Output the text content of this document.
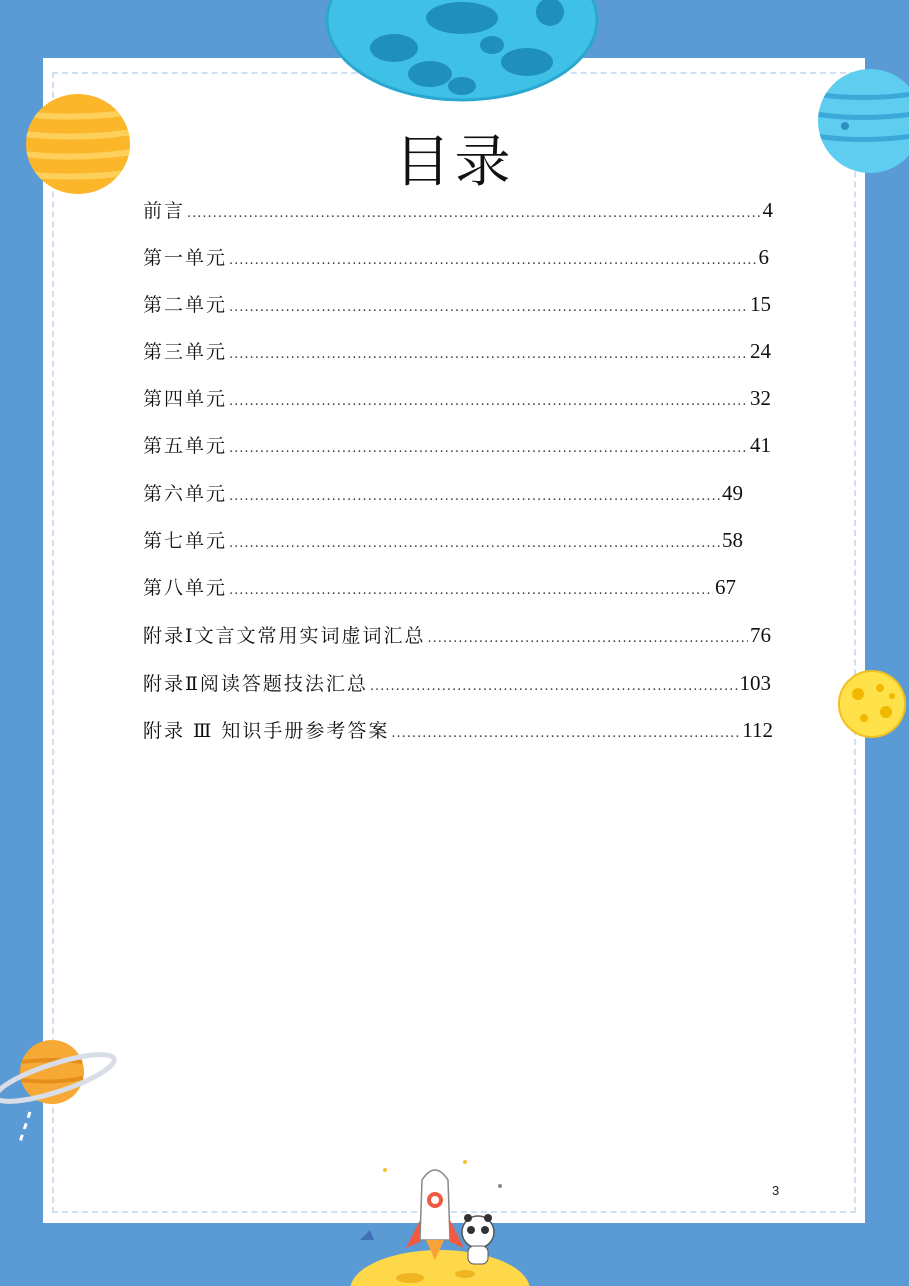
目录
前言 .....	4
第一单元 .....	6
第二单元 .....	15
第三单元 .....	24
第四单元 .....	32
第五单元 .....	41
第六单元 .....	49
第七单元 .....	58
第八单元 .....	67
附录Ⅰ文言文常用实词虚词汇总 .....	76
附录Ⅱ阅读答题技法汇总 .....	103
附录 Ⅲ 知识手册参考答案 .....	112
3
